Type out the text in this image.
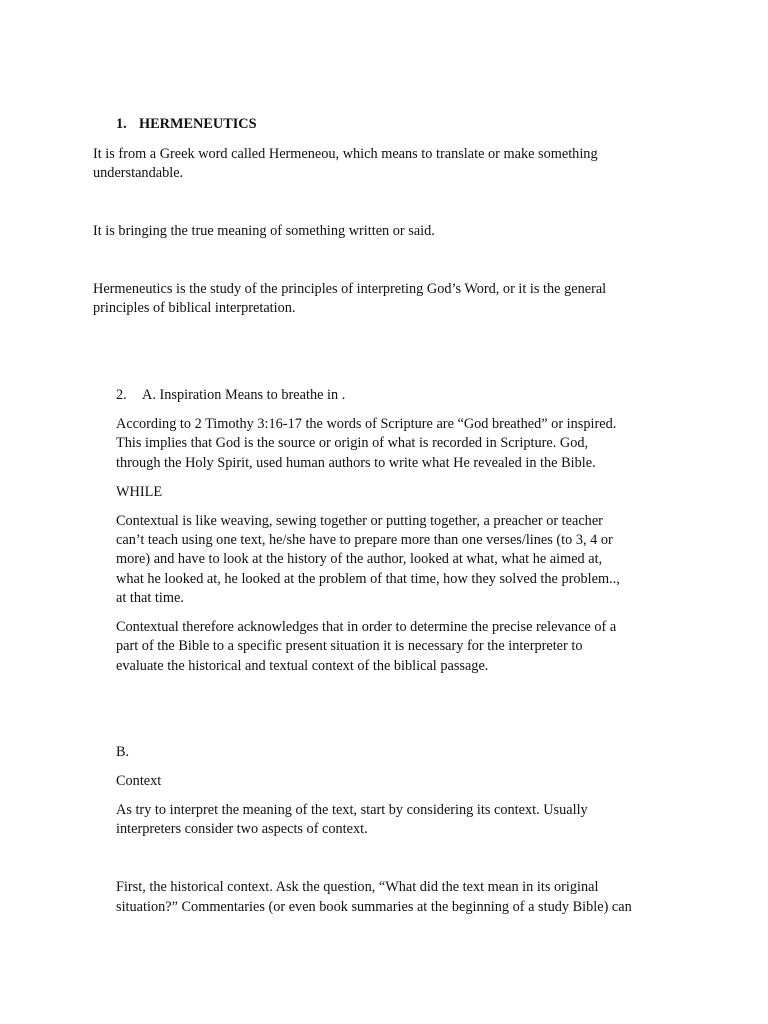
1. HERMENEUTICS
It is from a Greek word called Hermeneou, which means to translate or make something
understandable.
It is bringing the true meaning of something written or said.
Hermeneutics is the study of the principles of interpreting God’s Word, or it is the general
principles of biblical interpretation.
2. A. Inspiration Means to breathe in .
According to 2 Timothy 3:16-17 the words of Scripture are “God breathed” or inspired.
This implies that God is the source or origin of what is recorded in Scripture. God,
through the Holy Spirit, used human authors to write what He revealed in the Bible.
WHILE
Contextual is like weaving, sewing together or putting together, a preacher or teacher
can’t teach using one text, he/she have to prepare more than one verses/lines (to 3, 4 or
more) and have to look at the history of the author, looked at what, what he aimed at,
what he looked at, he looked at the problem of that time, how they solved the problem..,
at that time.
Contextual therefore acknowledges that in order to determine the precise relevance of a
part of the Bible to a specific present situation it is necessary for the interpreter to
evaluate the historical and textual context of the biblical passage.
B.
Context
As try to interpret the meaning of the text, start by considering its context. Usually
interpreters consider two aspects of context.
First, the historical context. Ask the question, “What did the text mean in its original
situation?” Commentaries (or even book summaries at the beginning of a study Bible) can
